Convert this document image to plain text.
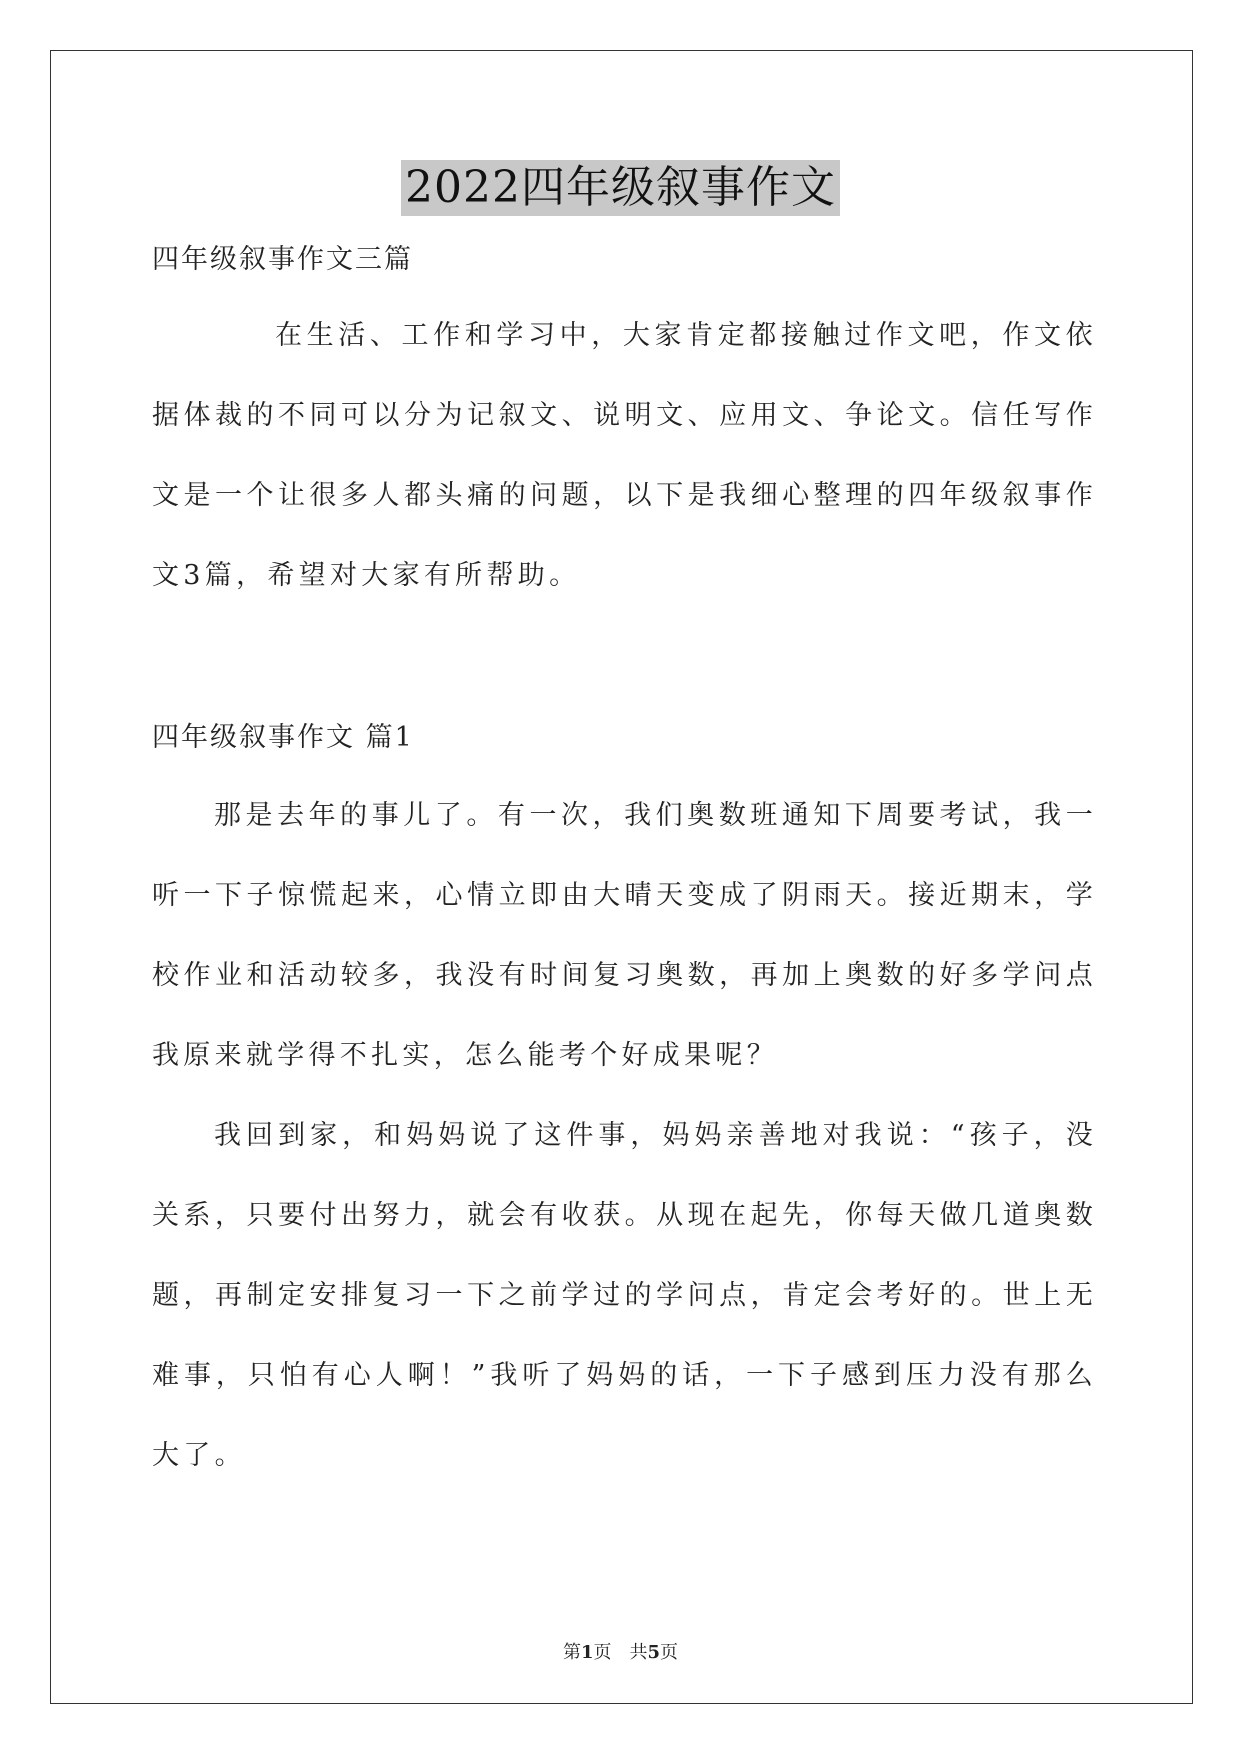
2022四年级叙事作文

四年级叙事作文三篇

在生活、工作和学习中，大家肯定都接触过作文吧，作文依据体裁的不同可以分为记叙文、说明文、应用文、争论文。信任写作文是一个让很多人都头痛的问题，以下是我细心整理的四年级叙事作文3篇，希望对大家有所帮助。

四年级叙事作文 篇1

那是去年的事儿了。有一次，我们奥数班通知下周要考试，我一听一下子惊慌起来，心情立即由大晴天变成了阴雨天。接近期末，学校作业和活动较多，我没有时间复习奥数，再加上奥数的好多学问点我原来就学得不扎实，怎么能考个好成果呢？

我回到家，和妈妈说了这件事，妈妈亲善地对我说：“孩子，没关系，只要付出努力，就会有收获。从现在起先，你每天做几道奥数题，再制定安排复习一下之前学过的学问点，肯定会考好的。世上无难事，只怕有心人啊！”我听了妈妈的话，一下子感到压力没有那么大了。

第1页　共5页
